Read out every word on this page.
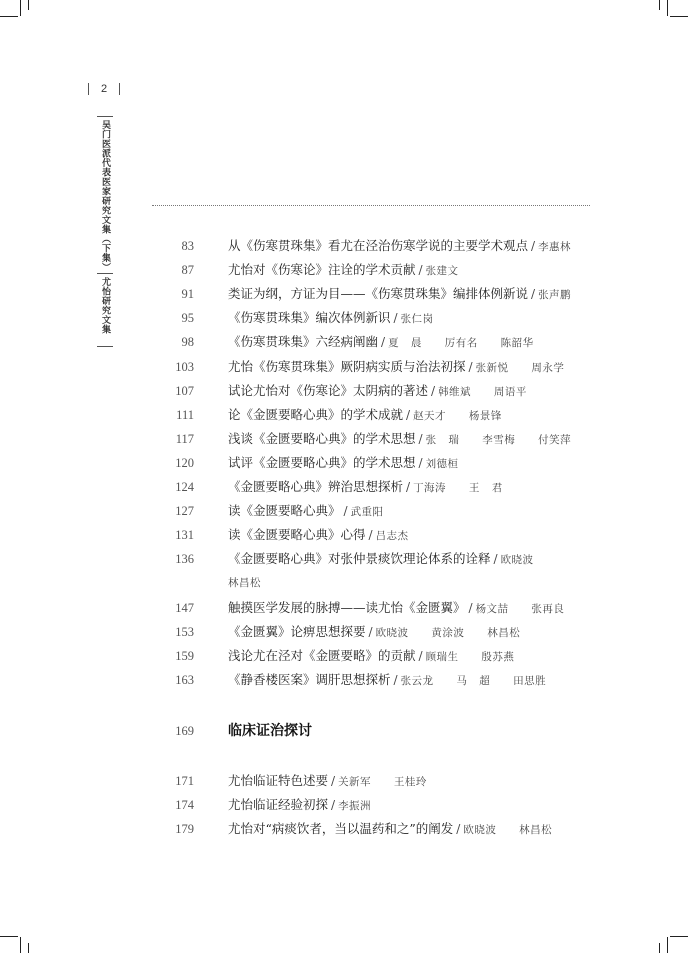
2
吴门医派代表医家研究文集（下集）
尤怡研究文集
83	从《伤寒贯珠集》看尤在泾治伤寒学说的主要学术观点 / 李惠林
87	尤怡对《伤寒论》注诠的学术贡献 / 张建文
91	类证为纲，方证为目——《伤寒贯珠集》编排体例新说 / 张声鹏
95	《伤寒贯珠集》编次体例新识 / 张仁岗
98	《伤寒贯珠集》六经病阐幽 / 夏 晨 　厉有名 　陈韶华
103	尤怡《伤寒贯珠集》厥阴病实质与治法初探 / 张新悦 　周永学
107	试论尤怡对《伤寒论》太阴病的著述 / 韩维斌 　周语平
111	论《金匮要略心典》的学术成就 / 赵天才 　杨景锋
117	浅谈《金匮要略心典》的学术思想 / 张 瑞 　李雪梅 　付笑萍
120	试评《金匮要略心典》的学术思想 / 刘德桓
124	《金匮要略心典》辨治思想探析 / 丁海涛 　王 君
127	读《金匮要略心典》 / 武重阳
131	读《金匮要略心典》心得 / 吕志杰
136	《金匮要略心典》对张仲景痰饮理论体系的诠释 / 欧晓波
林昌松
147	触摸医学发展的脉搏——读尤怡《金匮翼》 / 杨文喆 　张再良
153	《金匮翼》论痹思想探要 / 欧晓波 　黄涂波 　林昌松
159	浅论尤在泾对《金匮要略》的贡献 / 顾瑞生 　殷苏燕
163	《静香楼医案》调肝思想探析 / 张云龙 　马 超 　田思胜
169 临床证治探讨
171	尤怡临证特色述要 / 关新军 　王桂玲
174	尤怡临证经验初探 / 李振洲
179	尤怡对“病痰饮者，当以温药和之”的阐发 / 欧晓波 　林昌松
